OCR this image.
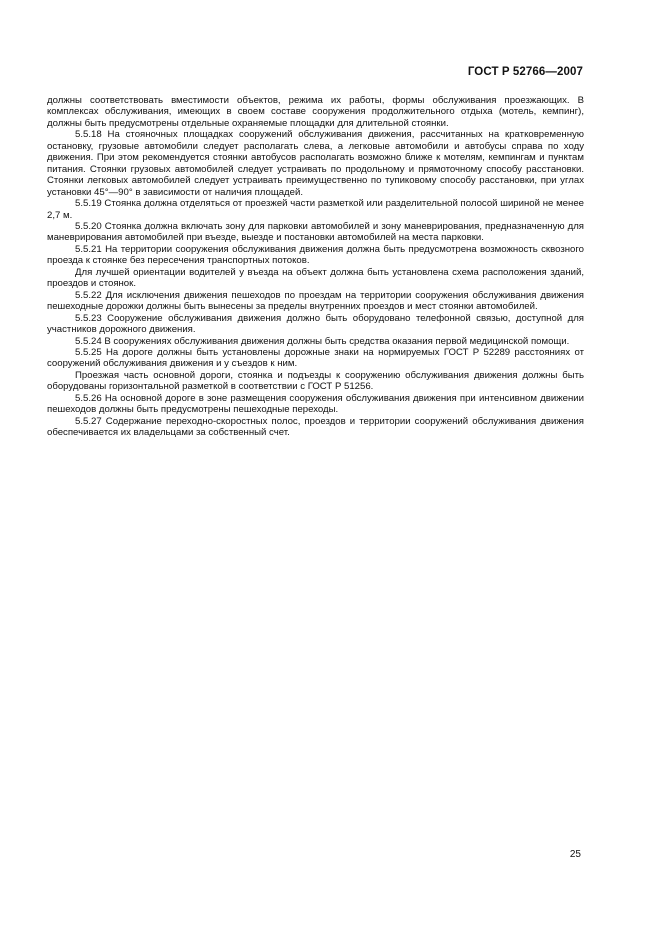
ГОСТ Р 52766—2007

должны соответствовать вместимости объектов, режима их работы, формы обслуживания проезжающих. В комплексах обслуживания, имеющих в своем составе сооружения продолжительного отдыха (мотель, кемпинг), должны быть предусмотрены отдельные охраняемые площадки для длительной стоянки.

5.5.18 На стояночных площадках сооружений обслуживания движения, рассчитанных на кратковременную остановку, грузовые автомобили следует располагать слева, а легковые автомобили и автобусы справа по ходу движения. При этом рекомендуется стоянки автобусов располагать возможно ближе к мотелям, кемпингам и пунктам питания. Стоянки грузовых автомобилей следует устраивать по продольному и прямоточному способу расстановки. Стоянки легковых автомобилей следует устраивать преимущественно по тупиковому способу расстановки, при углах установки 45°—90° в зависимости от наличия площадей.

5.5.19 Стоянка должна отделяться от проезжей части разметкой или разделительной полосой шириной не менее 2,7 м.

5.5.20 Стоянка должна включать зону для парковки автомобилей и зону маневрирования, предназначенную для маневрирования автомобилей при въезде, выезде и постановки автомобилей на места парковки.

5.5.21 На территории сооружения обслуживания движения должна быть предусмотрена возможность сквозного проезда к стоянке без пересечения транспортных потоков.

Для лучшей ориентации водителей у въезда на объект должна быть установлена схема расположения зданий, проездов и стоянок.

5.5.22 Для исключения движения пешеходов по проездам на территории сооружения обслуживания движения пешеходные дорожки должны быть вынесены за пределы внутренних проездов и мест стоянки автомобилей.

5.5.23 Сооружение обслуживания движения должно быть оборудовано телефонной связью, доступной для участников дорожного движения.

5.5.24 В сооружениях обслуживания движения должны быть средства оказания первой медицинской помощи.

5.5.25 На дороге должны быть установлены дорожные знаки на нормируемых ГОСТ Р 52289 расстояниях от сооружений обслуживания движения и у съездов к ним.

Проезжая часть основной дороги, стоянка и подъезды к сооружению обслуживания движения должны быть оборудованы горизонтальной разметкой в соответствии с ГОСТ Р 51256.

5.5.26 На основной дороге в зоне размещения сооружения обслуживания движения при интенсивном движении пешеходов должны быть предусмотрены пешеходные переходы.

5.5.27 Содержание переходно-скоростных полос, проездов и территории сооружений обслуживания движения обеспечивается их владельцами за собственный счет.

25
